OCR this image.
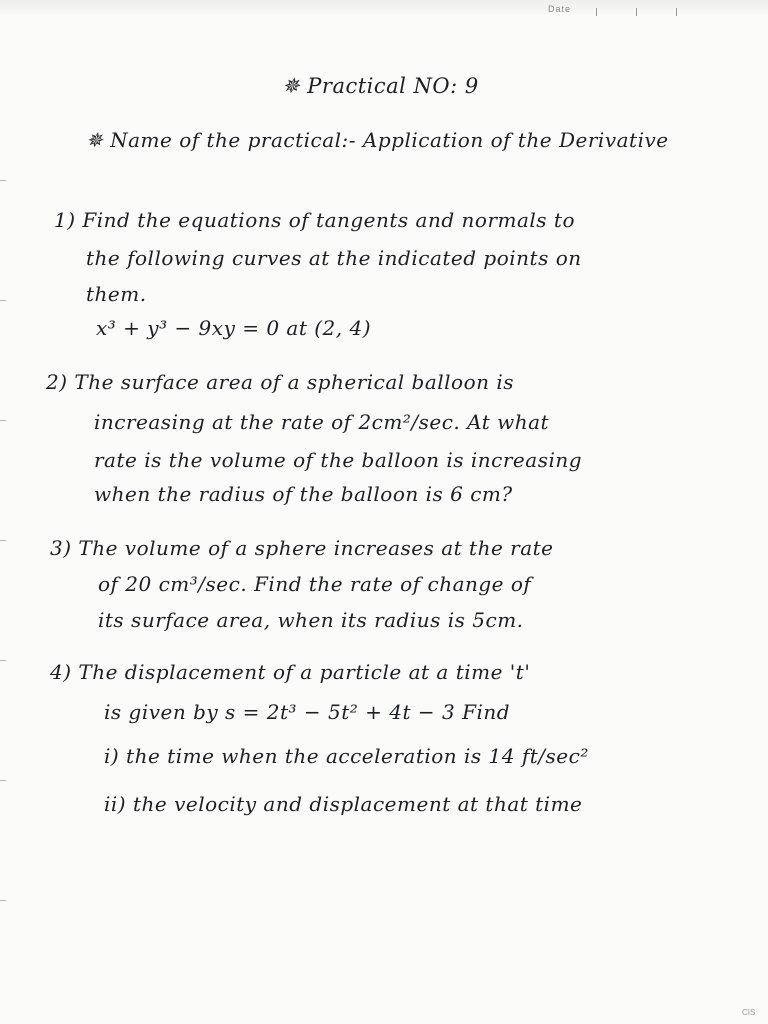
Date
✵ Practical NO: 9
✵ Name of the practical:- Application of the Derivative
1) Find the equations of tangents and normals to
the following curves at the indicated points on
them.
x³ + y³ − 9xy = 0 at (2, 4)
2) The surface area of a spherical balloon is
increasing at the rate of 2cm²/sec. At what
rate is the volume of the balloon is increasing
when the radius of the balloon is 6 cm?
3) The volume of a sphere increases at the rate
of 20 cm³/sec. Find the rate of change of
its surface area, when its radius is 5cm.
4) The displacement of a particle at a time 't'
is given by s = 2t³ − 5t² + 4t − 3 Find
i) the time when the acceleration is 14 ft/sec²
ii) the velocity and displacement at that time
CIS
